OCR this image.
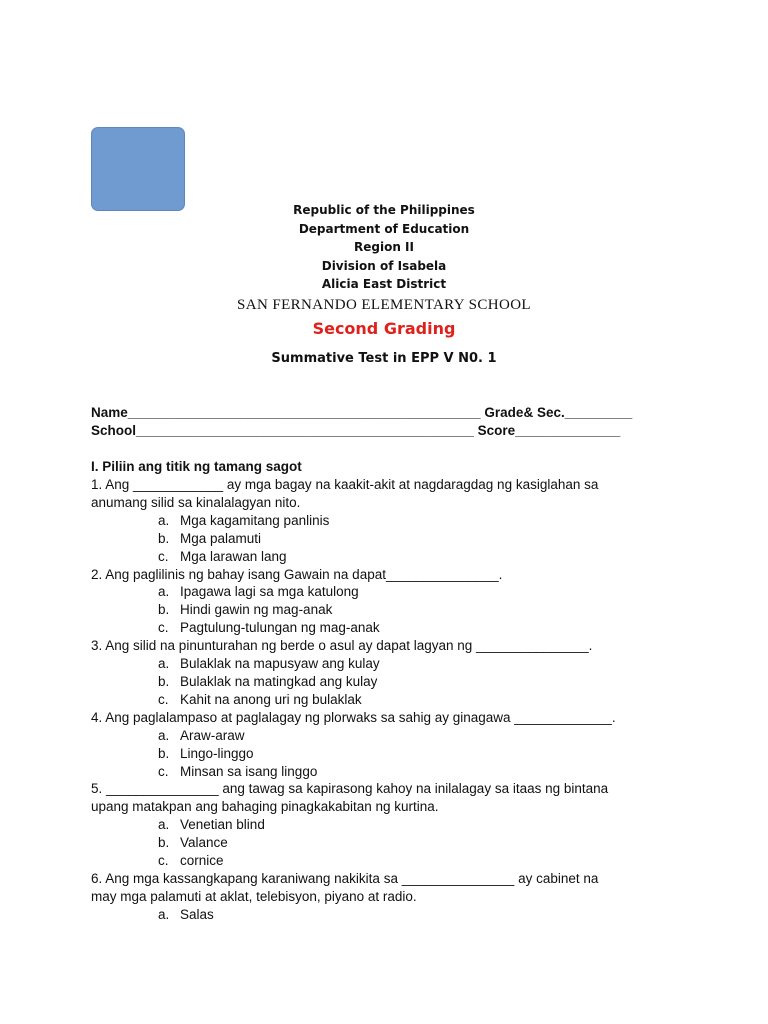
Republic of the Philippines
Department of Education
Region II
Division of Isabela
Alicia East District
SAN FERNANDO ELEMENTARY SCHOOL
Second Grading
Summative Test in EPP V N0. 1
Name_______________________________________________ Grade& Sec._________
School_____________________________________________ Score______________
I. Piliin ang titik ng tamang sagot
1. Ang ____________ ay mga bagay na kaakit-akit at nagdaragdag ng kasiglahan sa
anumang silid sa kinalalagyan nito.
a. Mga kagamitang panlinis
b. Mga palamuti
c. Mga larawan lang
2. Ang paglilinis ng bahay isang Gawain na dapat_______________.
a. Ipagawa lagi sa mga katulong
b. Hindi gawin ng mag-anak
c. Pagtulung-tulungan ng mag-anak
3. Ang silid na pinunturahan ng berde o asul ay dapat lagyan ng _______________.
a. Bulaklak na mapusyaw ang kulay
b. Bulaklak na matingkad ang kulay
c. Kahit na anong uri ng bulaklak
4. Ang paglalampaso at paglalagay ng plorwaks sa sahig ay ginagawa _____________.
a. Araw-araw
b. Lingo-linggo
c. Minsan sa isang linggo
5. _______________ ang tawag sa kapirasong kahoy na inilalagay sa itaas ng bintana
upang matakpan ang bahaging pinagkakabitan ng kurtina.
a. Venetian blind
b. Valance
c. cornice
6. Ang mga kassangkapang karaniwang nakikita sa _______________ ay cabinet na
may mga palamuti at aklat, telebisyon, piyano at radio.
a. Salas
